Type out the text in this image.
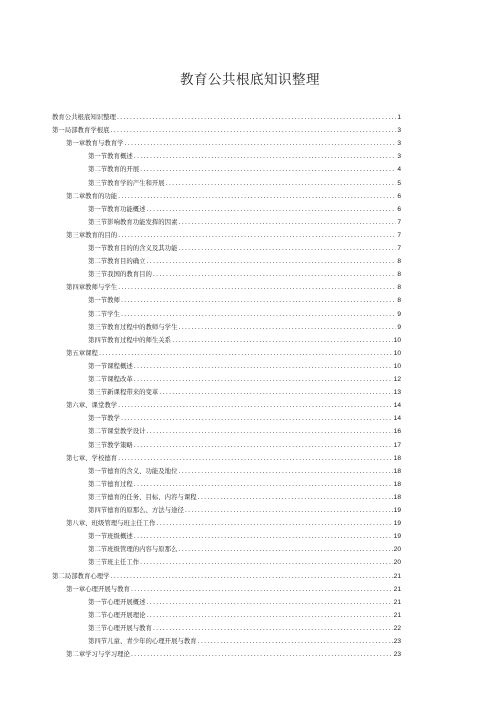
教育公共根底知识整理
教育公共根底知识整理 .....	1
第一局部教育学根底 .....	3
第一章教育与教育学 .....	3
第一节教育概述 .....	3
第二节教育的开展 .....	4
第三节教育学的产生和开展 .....	5
第二章教育的功能 .....	6
第一节教育功能概述 .....	6
第三节影响教育功能发挥的因素 .....	7
第三章教育的目的 .....	7
第一节教育目的的含义及其功能 .....	7
第二节教育目的确立 .....	8
第三节我国的教育目的 .....	8
第四章教师与学生 .....	8
第一节教师 .....	8
第二节学生 .....	9
第三节教育过程中的教师与学生 .....	9
第四节教育过程中的师生关系 .....	10
第五章课程 .....	10
第一节课程概述 .....	10
第二节课程改革 .....	12
第三节新课程带来的变革 .....	13
第六章、课堂教学 .....	14
第一节教学 .....	14
第二节课堂教学设计 .....	16
第三节教学策略 .....	17
第七章、学校德育 .....	18
第一节德育的含义、功能及地位 .....	18
第二节德育过程 .....	18
第三节德育的任务、目标、内容与课程 .....	18
第四节德育的原那么、方法与途径 .....	19
第八章、班级管理与班主任工作 .....	19
第一节班级概述 .....	19
第二节班级管理的内容与原那么 .....	20
第三节班主任工作 .....	20
第二局部教育心理学 .....	21
第一章心理开展与教育 .....	21
第一节心理开展概述 .....	21
第二节心理开展理论 .....	21
第三节心理开展与教育 .....	22
第四节儿童、青少年的心理开展与教育 .....	23
第二章学习与学习理论 .....	23
